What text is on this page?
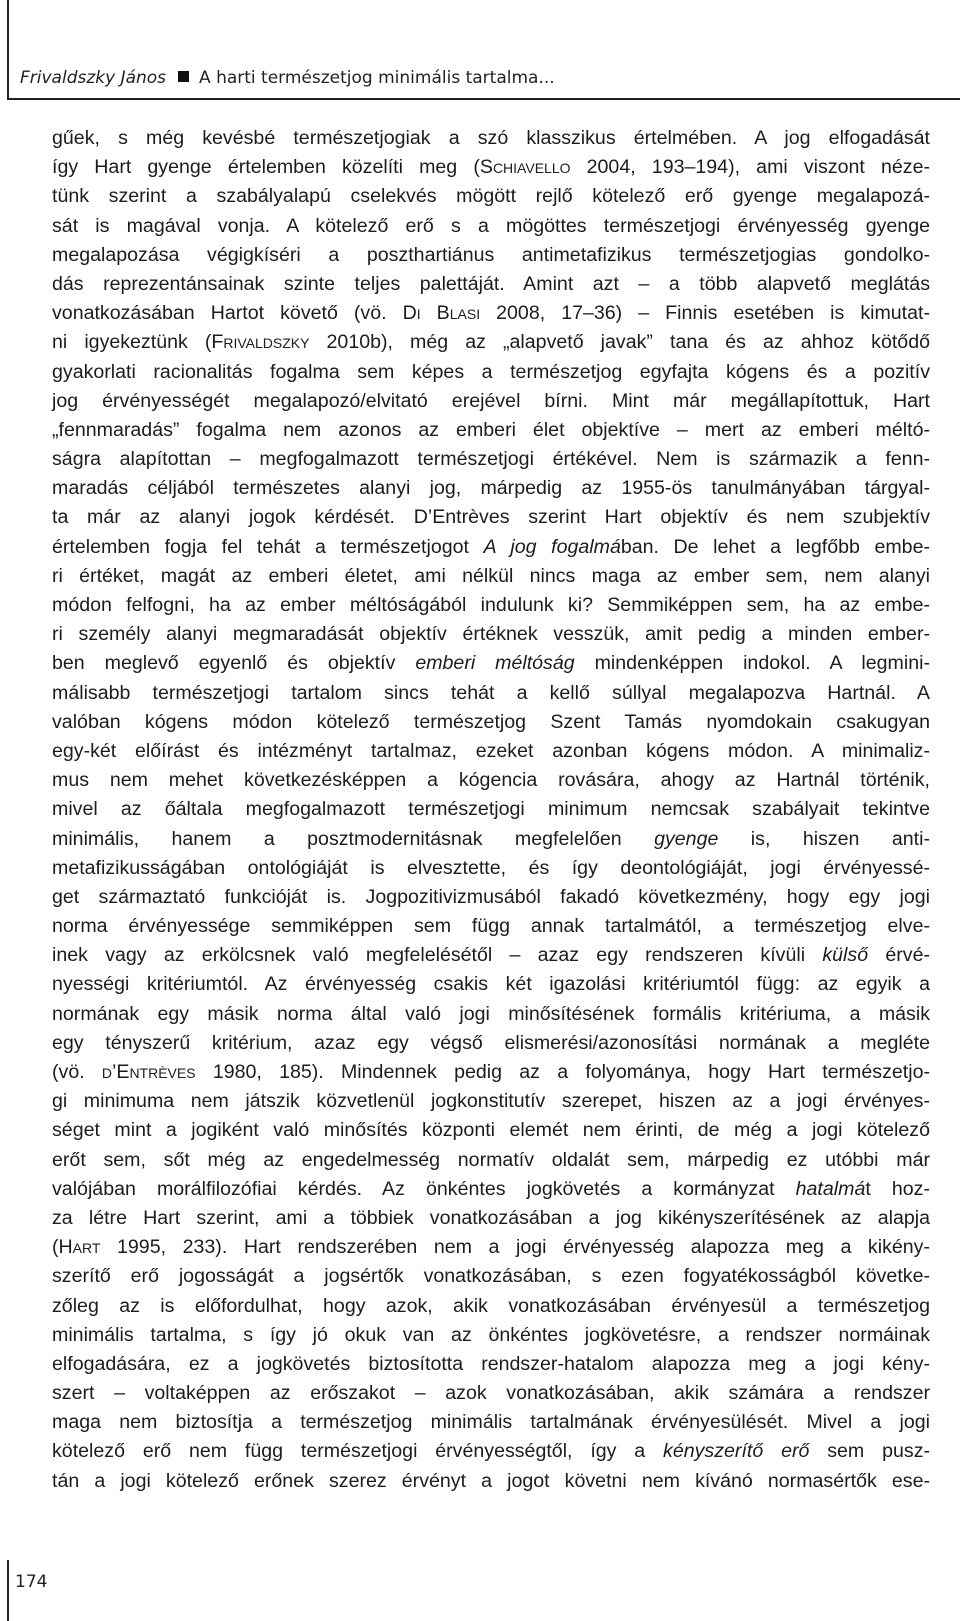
Frivaldszky János A harti természetjog minimális tartalma...
gűek, s még kevésbé természetjogiak a szó klasszikus értelmében. A jog elfogadását
így Hart gyenge értelemben közelíti meg (Schiavello 2004, 193–194), ami viszont néze-
tünk szerint a szabályalapú cselekvés mögött rejlő kötelező erő gyenge megalapozá-
sát is magával vonja. A kötelező erő s a mögöttes természetjogi érvényesség gyenge
megalapozása végigkíséri a poszthartiánus antimetafizikus természetjogias gondolko-
dás reprezentánsainak szinte teljes palettáját. Amint azt – a több alapvető meglátás
vonatkozásában Hartot követő (vö. Di Blasi 2008, 17–36) – Finnis esetében is kimutat-
ni igyekeztünk (Frivaldszky 2010b), még az „alapvető javak” tana és az ahhoz kötődő
gyakorlati racionalitás fogalma sem képes a természetjog egyfajta kógens és a pozitív
jog érvényességét megalapozó/elvitató erejével bírni. Mint már megállapítottuk, Hart
„fennmaradás” fogalma nem azonos az emberi élet objektíve – mert az emberi méltó-
ságra alapítottan – megfogalmazott természetjogi értékével. Nem is származik a fenn-
maradás céljából természetes alanyi jog, márpedig az 1955-ös tanulmányában tárgyal-
ta már az alanyi jogok kérdését. D’Entrèves szerint Hart objektív és nem szubjektív
értelemben fogja fel tehát a természetjogot A jog fogalmában. De lehet a legfőbb embe-
ri értéket, magát az emberi életet, ami nélkül nincs maga az ember sem, nem alanyi
módon felfogni, ha az ember méltóságából indulunk ki? Semmiképpen sem, ha az embe-
ri személy alanyi megmaradását objektív értéknek vesszük, amit pedig a minden ember-
ben meglevő egyenlő és objektív emberi méltóság mindenképpen indokol. A legmini-
málisabb természetjogi tartalom sincs tehát a kellő súllyal megalapozva Hartnál. A
valóban kógens módon kötelező természetjog Szent Tamás nyomdokain csakugyan
egy-két előírást és intézményt tartalmaz, ezeket azonban kógens módon. A minimaliz-
mus nem mehet következésképpen a kógencia rovására, ahogy az Hartnál történik,
mivel az őáltala megfogalmazott természetjogi minimum nemcsak szabályait tekintve
minimális, hanem a posztmodernitásnak megfelelően gyenge is, hiszen anti-
metafizikusságában ontológiáját is elvesztette, és így deontológiáját, jogi érvényessé-
get származtató funkcióját is. Jogpozitivizmusából fakadó következmény, hogy egy jogi
norma érvényessége semmiképpen sem függ annak tartalmától, a természetjog elve-
inek vagy az erkölcsnek való megfelelésétől – azaz egy rendszeren kívüli külső érvé-
nyességi kritériumtól. Az érvényesség csakis két igazolási kritériumtól függ: az egyik a
normának egy másik norma által való jogi minősítésének formális kritériuma, a másik
egy tényszerű kritérium, azaz egy végső elismerési/azonosítási normának a megléte
(vö. d’Entrèves 1980, 185). Mindennek pedig az a folyománya, hogy Hart természetjo-
gi minimuma nem játszik közvetlenül jogkonstitutív szerepet, hiszen az a jogi érvényes-
séget mint a jogiként való minősítés központi elemét nem érinti, de még a jogi kötelező
erőt sem, sőt még az engedelmesség normatív oldalát sem, márpedig ez utóbbi már
valójában morálfilozófiai kérdés. Az önkéntes jogkövetés a kormányzat hatalmát hoz-
za létre Hart szerint, ami a többiek vonatkozásában a jog kikényszerítésének az alapja
(Hart 1995, 233). Hart rendszerében nem a jogi érvényesség alapozza meg a kikény-
szerítő erő jogosságát a jogsértők vonatkozásában, s ezen fogyatékosságból követke-
zőleg az is előfordulhat, hogy azok, akik vonatkozásában érvényesül a természetjog
minimális tartalma, s így jó okuk van az önkéntes jogkövetésre, a rendszer normáinak
elfogadására, ez a jogkövetés biztosította rendszer-hatalom alapozza meg a jogi kény-
szert – voltaképpen az erőszakot – azok vonatkozásában, akik számára a rendszer
maga nem biztosítja a természetjog minimális tartalmának érvényesülését. Mivel a jogi
kötelező erő nem függ természetjogi érvényességtől, így a kényszerítő erő sem pusz-
tán a jogi kötelező erőnek szerez érvényt a jogot követni nem kívánó normasértők ese-
174
